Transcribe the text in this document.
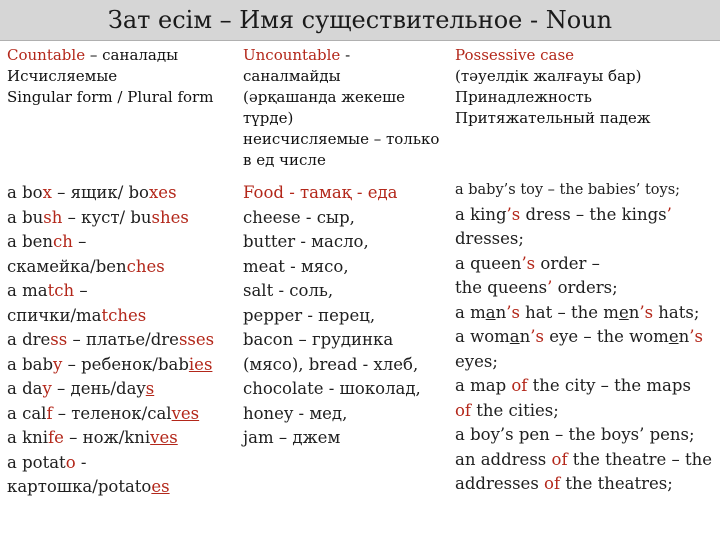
Зат есім – Имя существительное - Noun
Countable – саналады
Исчисляемые
Singular form / Plural form
a box – ящик/ boxes
a bush – куст/ bushes
a bench –
скамейка/benches
a match –
спички/matches
a dress – платье/dresses
a baby – ребенок/babies
a day – день/days
a calf – теленок/calves
a knife – нож/knives
a potato -
картошка/potatoes
Uncountable -
саналмайды
(әрқашанда жекеше
түрде)
неисчисляемые – только
в ед числе
Food - тамақ - еда
cheese - сыр,
butter - масло,
meat - мясо,
salt - соль,
pepper - перец,
bacon – грудинка
(мясо), bread - хлеб,
chocolate - шоколад,
honey - мед,
jam – джем
Possessive case
(тәуелдік жалғауы бар)
Принадлежность
Притяжательный падеж
a baby’s toy – the babies’ toys;
a king’s dress – the kings’
dresses;
a queen’s order –
the queens’ orders;
a man’s hat – the men’s hats;
a woman’s eye – the women’s
eyes;
a map of the city – the maps
of the cities;
a boy’s pen – the boys’ pens;
an address of the theatre – the
addresses of the theatres;
